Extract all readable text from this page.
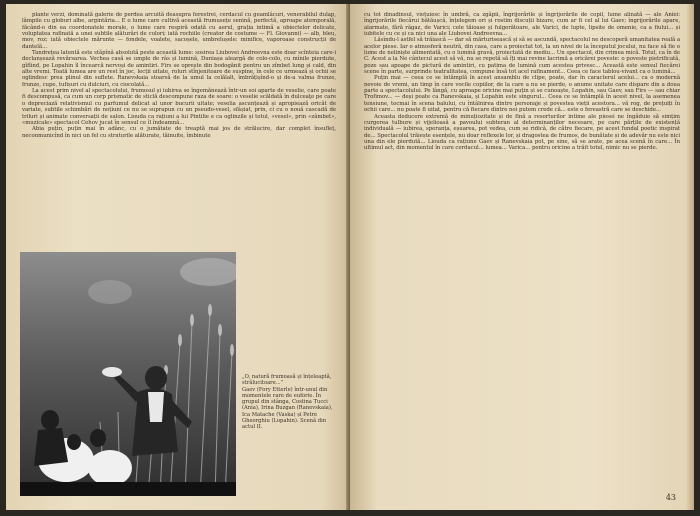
plante verzi, dominată galerie de perdea arcuită deasupra ferestrei, cerdacul cu geamlâcuri, venerabilul dulap, lămpile cu globuri albe, argintăria... E o lume care cultivă această frumusețe senină, perfectă, aproape atemporală, făcând-o din ea coordonatele morale, o lume care respiră odată cu aerul, grația intimă a obiectelor delicate, voluptatea rafinată a unei subtile alăturări de culori; iată rochiile (creator de costume — Fl. Giovanni) — alb, bleu, mov, roz; iată obiectele mărunte — fondele, voalete, sacoșele, umbrelușele: minifice, vaporoase construcții de dantelă...

Tandrețea latentă este stăpînă absolută peste această lume: sosirea Liubovei Andreevna este doar scînteia care-i declanșează revărsarea. Vechea casă se umple de râs și lumină, Duniașa aleargă de colo-colo, cu mînile pierdute, gîfîind, pe Lopahin îl încearcă nervoși de amintiri. Firs se oprește din bodogănit pentru un zîmbet lung și cald, din alte vremi. Toată lumea are un rest în joc, lecții uitate, roluri stînjenitoare de suspine, în cele ce urmează și ochii se oglindesc prea plinul din suflete. Ranevskaia stoarsă de la umul la celălalt, îmbrățișînd-o și de-a valma frunze, frunze, cupe, tufișuri cu dulciuri, cu ciocolată...

La acest prim nivel al spectacolului, frumosul și iubirea se îngemănează într-un soi aparte de veselie, care poate fi descompusă, ca cum un corp prismatic de sticlă descompune raza de soare: o veselie scăldată în dulceaţe pe care o depreciază relativismul cu parfumul delicat al unor bucurii uitate; veselia ascunțează și apropiează oricât de variate, subtile schimbări de noțiuni ce nu se suprapun cu un pseudo-vesel, sfâșiat, prin, ci cu o nouă cascadă de triluri și animate conversații de salon. Liouda ca rațiuni a lui Pintilie e ca oglinzile și totul, «vesel», prin «zâmbet», «muzicale» spectacol Cehov jucat în sensul ce îl îndeamnă...

Abia puțin, puțin mai în adânc, cu o jumătate de treaptă mai jos de strălucire, dar complet însufleț, neconmunicînd în nici un fel cu straturile alăturate, tăinuite, îmbinute

„O, natură frumoasă și înțeleaptă, strălucitoare...”

Gaev (Fory Etterle) într-unul din momentele rare de euforie. În grupul din stânga, Costina Tucci (Aniа), Irina Buzgan (Ranevskaia), Ica Matache (Vaska) și Petre Gheorghiu (Lopahin). Scenă din actul II.

cu tot dinadinsul, viețuiesc în umbră, ca zgâpii, îngrijorările și îngrijorările de copil, lume alinată — ale Aniei: îngrijorările fiecărui bătăușcă, înțelegem ori și rostim discuții bizare, cum ar fi cel al lui Gaev; îngrijorările apare, alarmate, fără răgaz, de Varici; cele tăioase și fulgerătoare, ale Varici, de lupte, lipsite de omenie, ca a fiului... și iubitele cu ce și ca nici una ale Liubovei Andreevna...

Lăsîndu-l astfel să trăiască — dar să mărturisească și să se ascundă, spectacolul ne descoperă umanitatea reală a acelor piese. Iar o atmosferă neutră, din casa, care a proiectat tot, la un nivel de la începutul jocului, nu face să fie o lume de neliniște alimentată, cu o lumină gravă, proiectată de mediu... Un spectacol, din crimea mică. Totul, ca în de C. Acest a la Ne cântecul acest să vă, nu se repetă să îți mai revine lacrimă a oricărei poveste: o poveste pietrificată, poze sau apoape de pictură de amintiri, cu patima de lumină cum acestea privesc... Această este sensul fiecărei scene în parte, surprinde teatralitatea, compune însă tot acel rafinament... Ceea ce face tablou-vivant ca o lumină...

Puțin mai — ceea ce se întâmplă în acest ansamblu de clipe, poate, dar în caracterul acelui... ca o modernă nevoie de vremi, un timp în care vocile copiilor, de la care a nu se pierde, o anume unitate care dispare din a doua parte a spectacolului. Pe lângă, cu aproape oricine mai puțin și se cunoaște, Lopahin, sau Gaev, sau Firs — sau chiar Trofimov... — deși poate ca Ranevskaia, și Lopahin este singurul... Ceea ce se întâmplă în acest nivel, la asemenea tensiune, tocmai în scena balului, cu întâlnirea dintre personaje și povestea vieții acestora... vă rog, de prețuiți în ochii care... nu poate fi uitat, pentru că fiecare dintre noi putem crede că... este o fereastră care se deschide...

Aceasta deducere extremă de minuțiozitate și de fină a resorturilor intime ale piesei ne îngăduie să simțim curgerea tulbure și vijelioasă a pavoului subteran al determinanților necesare, pe care părțile de existență individuală — iubirea, speranța, eșuarea, pot vedea, cum se ridică, de către fiecare, pe acest fundal poetic inspirat de... Spectacolul trăiește esențele, nu doar reflexele lor, și dragostea de frumos, de bunătate și de adevăr nu este nici una din ele pierdută... Liouda ca rațiune Gaev și Ranevskaia pot, pe sine, să se arate, pe acea scenă în care... În ultimul act, din momentul în care cerdacul... lumea... Varica... pentru oricine a trăit totul, nimic nu se pierde.

43
